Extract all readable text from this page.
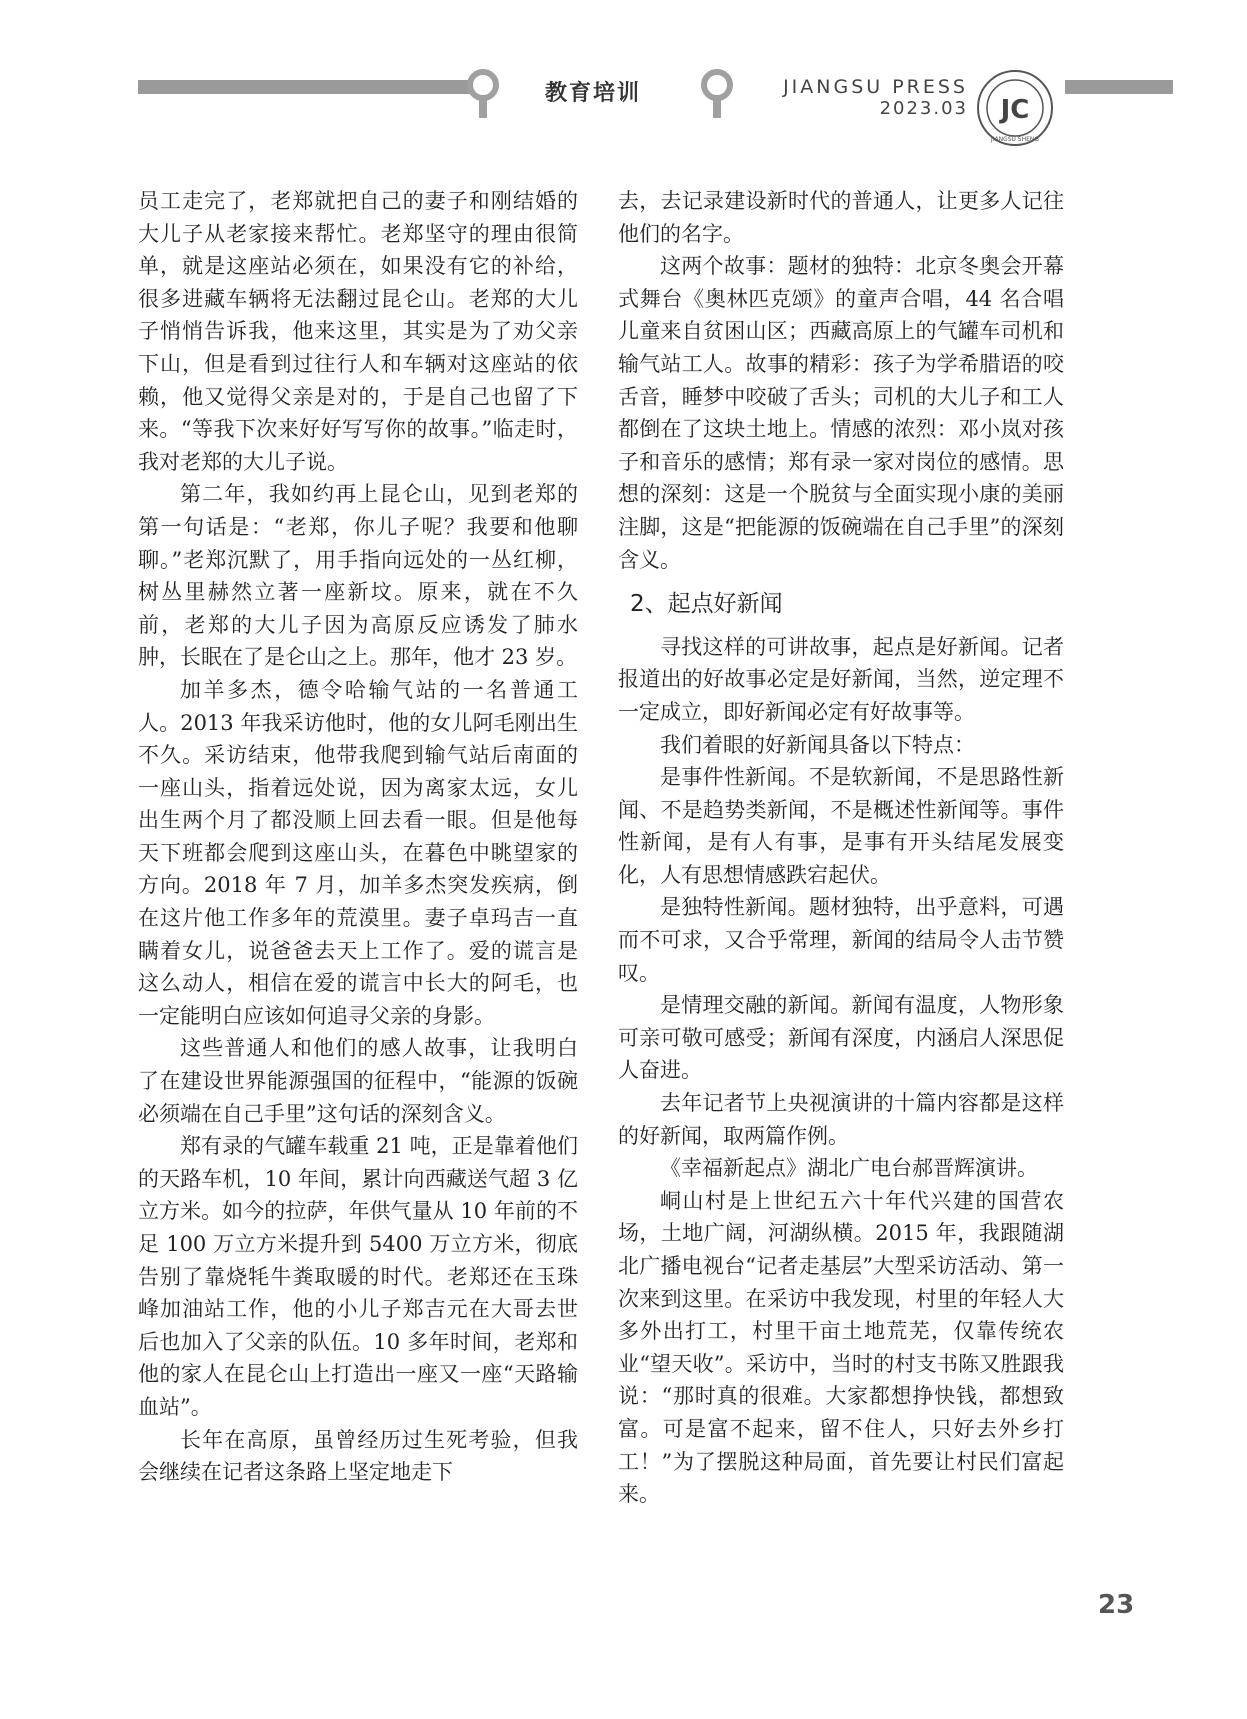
教育培训	JIANGSU PRESS
2023.03 JC
JIANGSU SHENG

员工走完了，老郑就把自己的妻子和刚结婚的大儿子从老家接来帮忙。老郑坚守的理由很简单，就是这座站必须在，如果没有它的补给，很多进藏车辆将无法翻过昆仑山。老郑的大儿子悄悄告诉我，他来这里，其实是为了劝父亲下山，但是看到过往行人和车辆对这座站的依赖，他又觉得父亲是对的，于是自己也留了下来。“等我下次来好好写写你的故事。”临走时，我对老郑的大儿子说。

第二年，我如约再上昆仑山，见到老郑的第一句话是：“老郑，你儿子呢？我要和他聊聊。”老郑沉默了，用手指向远处的一丛红柳，树丛里赫然立著一座新坟。原来，就在不久前，老郑的大儿子因为高原反应诱发了肺水肿，长眠在了是仑山之上。那年，他才 23 岁。

加羊多杰，德令哈输气站的一名普通工人。2013 年我采访他时，他的女儿阿毛刚出生不久。采访结束，他带我爬到输气站后南面的一座山头，指着远处说，因为离家太远，女儿出生两个月了都没顺上回去看一眼。但是他每天下班都会爬到这座山头，在暮色中眺望家的方向。2018 年 7 月，加羊多杰突发疾病，倒在这片他工作多年的荒漠里。妻子卓玛吉一直瞒着女儿，说爸爸去天上工作了。爱的谎言是这么动人，相信在爱的谎言中长大的阿毛，也一定能明白应该如何追寻父亲的身影。

这些普通人和他们的感人故事，让我明白了在建设世界能源强国的征程中，“能源的饭碗必须端在自己手里”这句话的深刻含义。

郑有录的气罐车载重 21 吨，正是靠着他们的天路车机，10 年间，累计向西藏送气超 3 亿立方米。如今的拉萨，年供气量从 10 年前的不足 100 万立方米提升到 5400 万立方米，彻底告别了靠烧牦牛粪取暖的时代。老郑还在玉珠峰加油站工作，他的小儿子郑吉元在大哥去世后也加入了父亲的队伍。10 多年时间，老郑和他的家人在昆仑山上打造出一座又一座“天路输血站”。

长年在高原，虽曾经历过生死考验，但我会继续在记者这条路上坚定地走下

去，去记录建设新时代的普通人，让更多人记往他们的名字。

这两个故事：题材的独特：北京冬奥会开幕式舞台《奥林匹克颂》的童声合唱，44 名合唱儿童来自贫困山区；西藏高原上的气罐车司机和输气站工人。故事的精彩：孩子为学希腊语的咬舌音，睡梦中咬破了舌头；司机的大儿子和工人都倒在了这块土地上。情感的浓烈：邓小岚对孩子和音乐的感情；郑有录一家对岗位的感情。思想的深刻：这是一个脱贫与全面实现小康的美丽注脚，这是“把能源的饭碗端在自己手里”的深刻含义。

2、起点好新闻

寻找这样的可讲故事，起点是好新闻。记者报道出的好故事必定是好新闻，当然，逆定理不一定成立，即好新闻必定有好故事等。

我们着眼的好新闻具备以下特点：

是事件性新闻。不是软新闻，不是思路性新闻、不是趋势类新闻，不是概述性新闻等。事件性新闻，是有人有事，是事有开头结尾发展变化，人有思想情感跌宕起伏。

是独特性新闻。题材独特，出乎意料，可遇而不可求，又合乎常理，新闻的结局令人击节赞叹。

是情理交融的新闻。新闻有温度，人物形象可亲可敬可感受；新闻有深度，内涵启人深思促人奋进。

去年记者节上央视演讲的十篇内容都是这样的好新闻，取两篇作例。

《幸福新起点》湖北广电台郝晋辉演讲。

峒山村是上世纪五六十年代兴建的国营农场，土地广阔，河湖纵横。2015 年，我跟随湖北广播电视台“记者走基层”大型采访活动、第一次来到这里。在采访中我发现，村里的年轻人大多外出打工，村里干亩土地荒芜，仅靠传统农业“望天收”。采访中，当时的村支书陈又胜跟我说：“那时真的很难。大家都想挣快钱，都想致富。可是富不起来，留不住人，只好去外乡打工！”为了摆脱这种局面，首先要让村民们富起来。

23
